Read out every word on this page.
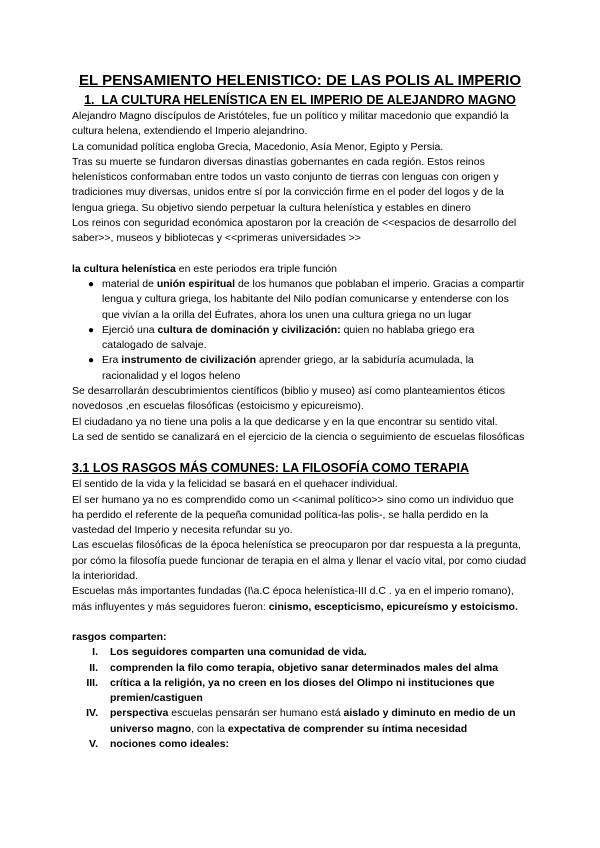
EL PENSAMIENTO HELENISTICO: DE LAS POLIS AL IMPERIO

1. LA CULTURA HELENÍSTICA EN EL IMPERIO DE ALEJANDRO MAGNO

Alejandro Magno discípulos de Aristóteles, fue un político y militar macedonio que expandió la cultura helena, extendiendo el Imperio alejandrino.

La comunidad política engloba Grecia, Macedonio, Asía Menor, Egipto y Persia.

Tras su muerte se fundaron diversas dinastías gobernantes en cada región. Estos reinos helenísticos conformaban entre todos un vasto conjunto de tierras con lenguas con origen y tradiciones muy diversas, unidos entre sí por la convicción firme en el poder del logos y de la lengua griega. Su objetivo siendo perpetuar la cultura helenística y estables en dinero

Los reinos con seguridad económica apostaron por la creación de <<espacios de desarrollo del saber>>, museos y bibliotecas y <<primeras universidades >>

la cultura helenística en este periodos era triple función

● material de unión espiritual de los humanos que poblaban el imperio. Gracias a compartir lengua y cultura griega, los habitante del Nilo podían comunicarse y entenderse con los que vivían a la orilla del Éufrates, ahora los unen una cultura griega no un lugar
● Ejerció una cultura de dominación y civilización: quien no hablaba griego era catalogado de salvaje.
● Era instrumento de civilización aprender griego, ar la sabiduría acumulada, la racionalidad y el logos heleno

Se desarrollarán descubrimientos científicos (biblio y museo) así como planteamientos éticos novedosos ,en escuelas filosóficas (estoicismo y epicureismo).

El ciudadano ya no tiene una polis a la que dedicarse y en la que encontrar su sentido vital.

La sed de sentido se canalizará en el ejercicio de la ciencia o seguimiento de escuelas filosóficas

3.1 LOS RASGOS MÁS COMUNES: LA FILOSOFÍA COMO TERAPIA

El sentido de la vida y la felicidad se basará en el quehacer individual.

El ser humano ya no es comprendido como un <<animal político>> sino como un individuo que ha perdido el referente de la pequeña comunidad política-las polis-, se halla perdido en la vastedad del Imperio y necesita refundar su yo.

Las escuelas filosóficas de la época helenística se preocuparon por dar respuesta a la pregunta, por cómo la filosofía puede funcionar de terapia en el alma y llenar el vacío vital, por como ciudad la interioridad.

Escuelas más importantes fundadas (I\a.C época helenística-III d.C . ya en el imperio romano), más influyentes y más seguidores fueron: cinismo, escepticismo, epicureísmo y estoicismo.

rasgos comparten:

I. Los seguidores comparten una comunidad de vida.
II. comprenden la filo como terapia, objetivo sanar determinados males del alma
III. crítica a la religión, ya no creen en los dioses del Olimpo ni instituciones que premien/castiguen
IV. perspectiva escuelas pensarán ser humano está aislado y diminuto en medio de un universo magno, con la expectativa de comprender su íntima necesidad
V. nociones como ideales:
